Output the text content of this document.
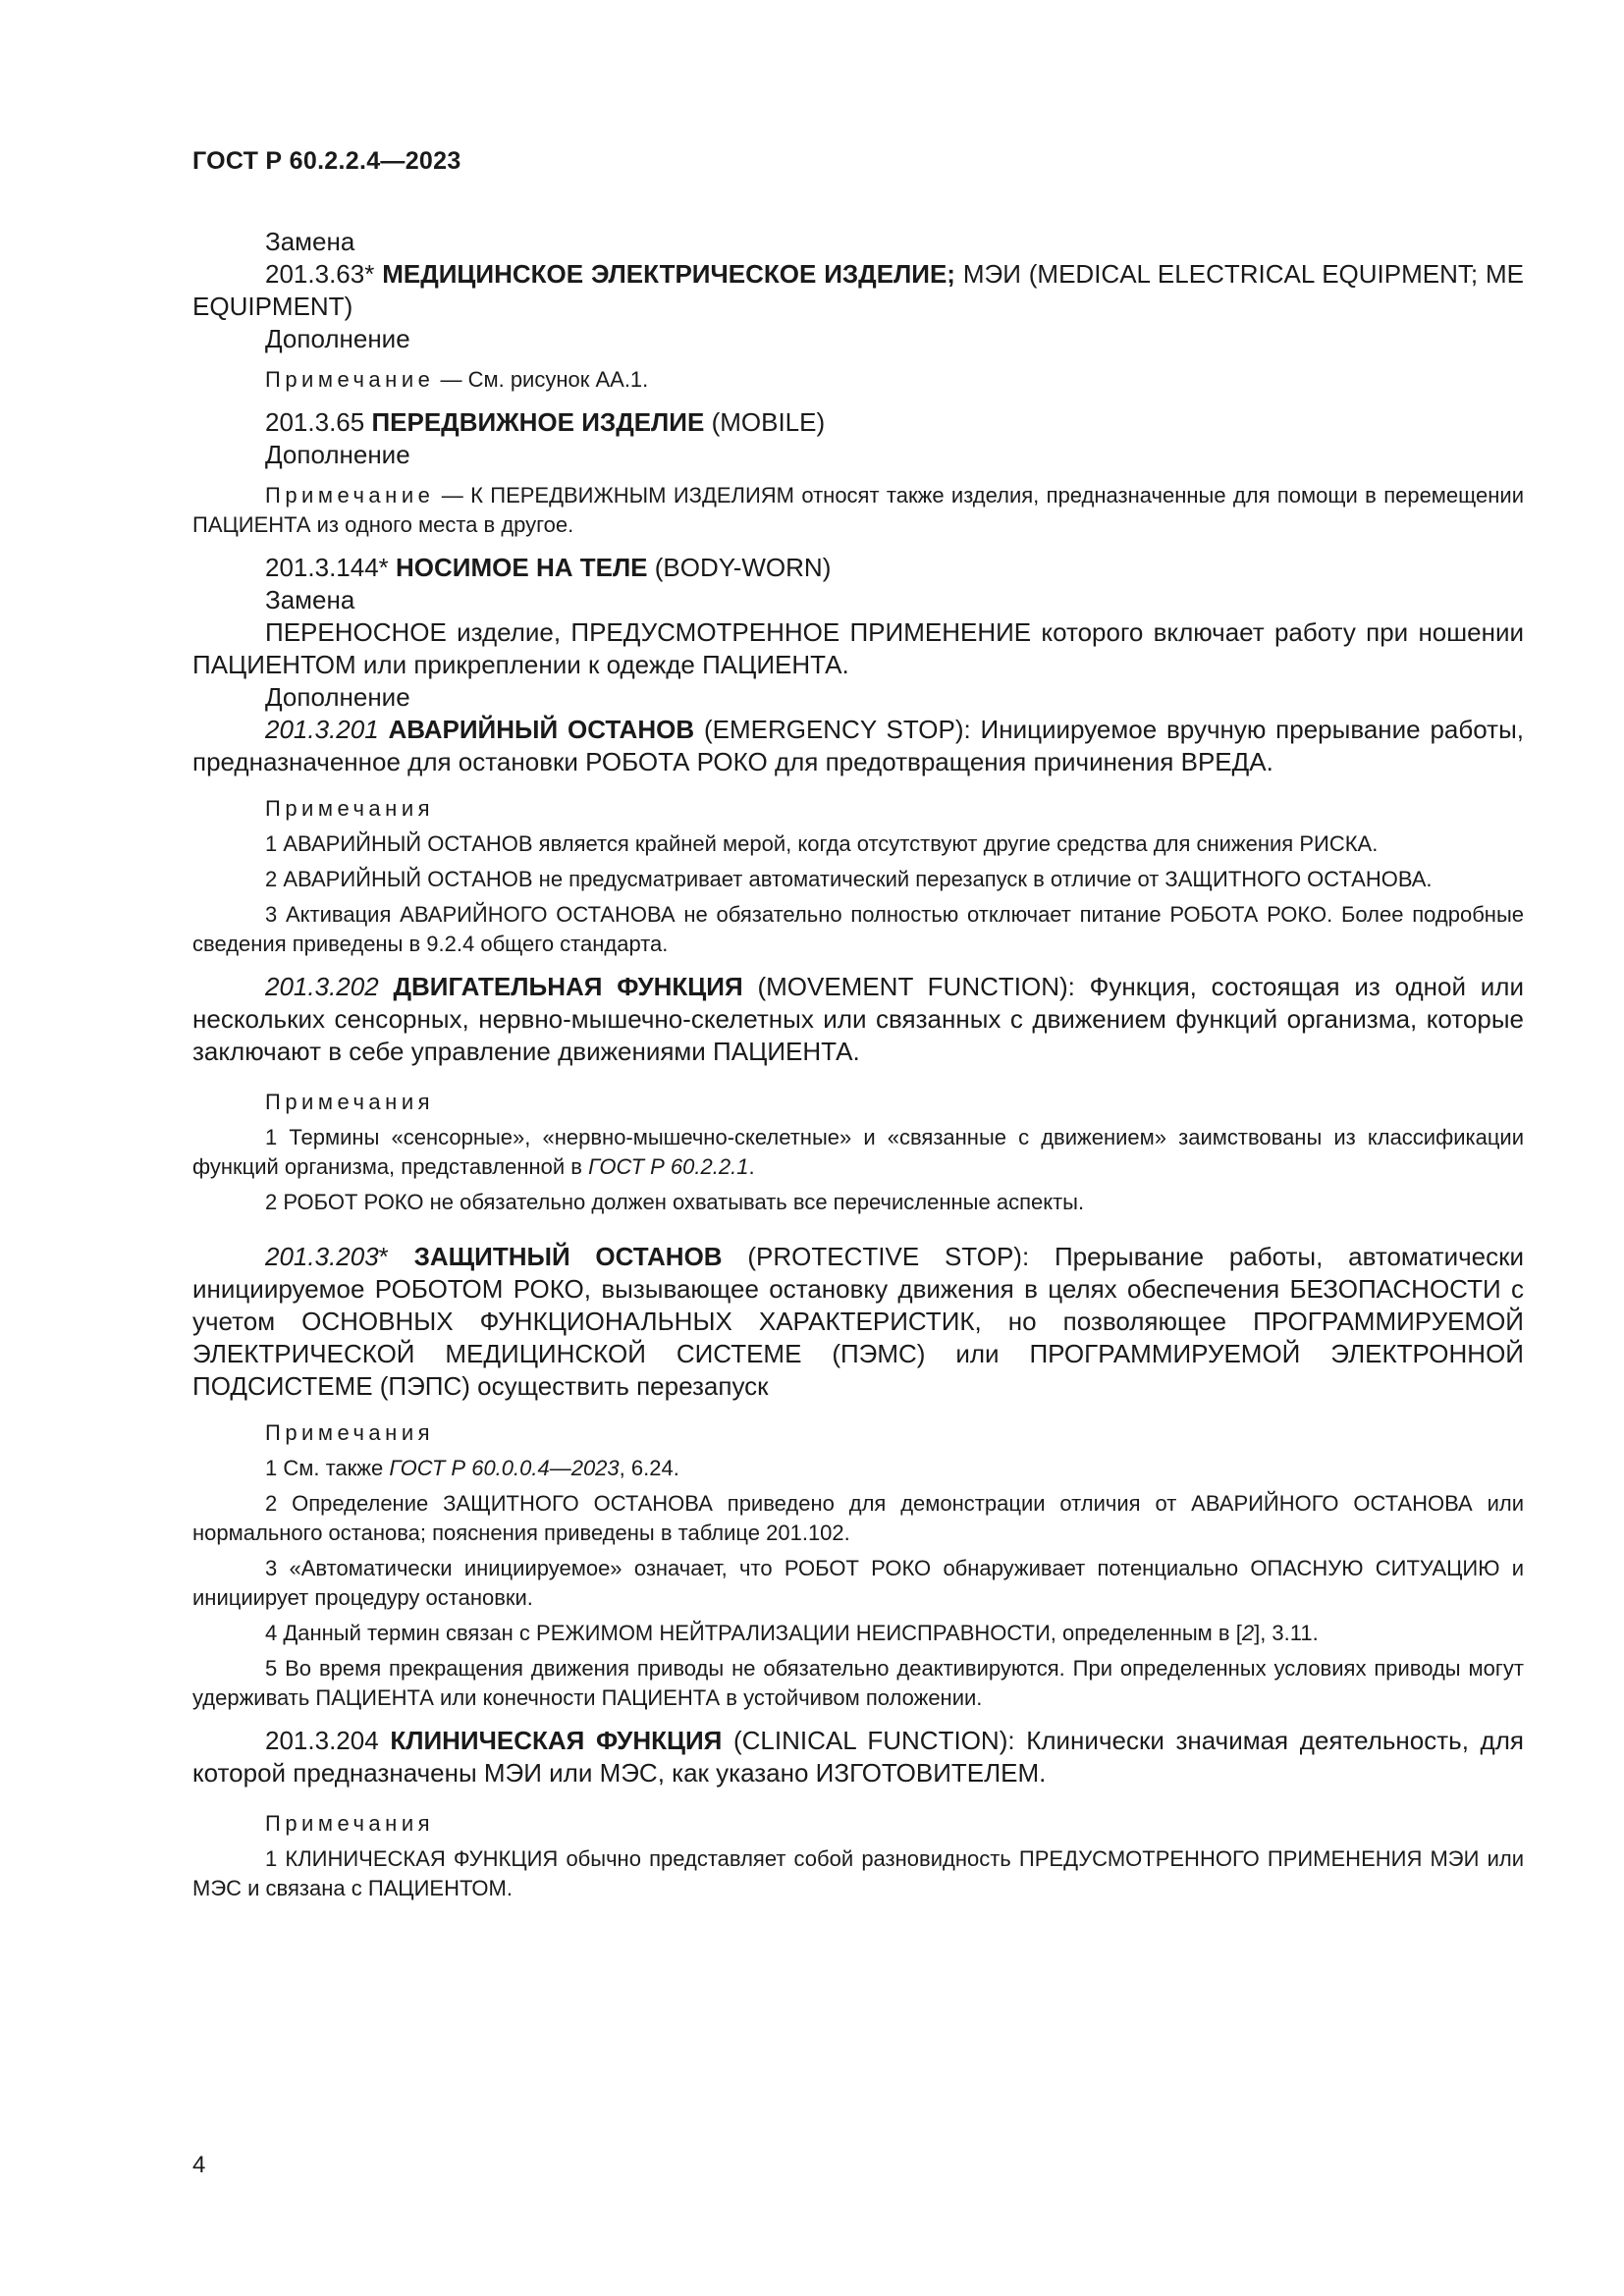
ГОСТ Р 60.2.2.4—2023

Замена

201.3.63* МЕДИЦИНСКОЕ ЭЛЕКТРИЧЕСКОЕ ИЗДЕЛИЕ; МЭИ (MEDICAL ELECTRICAL EQUIPMENT; ME EQUIPMENT)

Дополнение

Примечание — См. рисунок АА.1.

201.3.65 ПЕРЕДВИЖНОЕ ИЗДЕЛИЕ (MOBILE)

Дополнение

Примечание — К ПЕРЕДВИЖНЫМ ИЗДЕЛИЯМ относят также изделия, предназначенные для помощи в перемещении ПАЦИЕНТА из одного места в другое.

201.3.144* НОСИМОЕ НА ТЕЛЕ (BODY-WORN)

Замена

ПЕРЕНОСНОЕ изделие, ПРЕДУСМОТРЕННОЕ ПРИМЕНЕНИЕ которого включает работу при ношении ПАЦИЕНТОМ или прикреплении к одежде ПАЦИЕНТА.

Дополнение

201.3.201 АВАРИЙНЫЙ ОСТАНОВ (EMERGENCY STOP): Инициируемое вручную прерывание работы, предназначенное для остановки РОБОТА РОКО для предотвращения причинения ВРЕДА.

Примечания

1 АВАРИЙНЫЙ ОСТАНОВ является крайней мерой, когда отсутствуют другие средства для снижения РИСКА.

2 АВАРИЙНЫЙ ОСТАНОВ не предусматривает автоматический перезапуск в отличие от ЗАЩИТНОГО ОСТАНОВА.

3 Активация АВАРИЙНОГО ОСТАНОВА не обязательно полностью отключает питание РОБОТА РОКО. Более подробные сведения приведены в 9.2.4 общего стандарта.

201.3.202 ДВИГАТЕЛЬНАЯ ФУНКЦИЯ (MOVEMENT FUNCTION): Функция, состоящая из одной или нескольких сенсорных, нервно-мышечно-скелетных или связанных с движением функций организма, которые заключают в себе управление движениями ПАЦИЕНТА.

Примечания

1 Термины «сенсорные», «нервно-мышечно-скелетные» и «связанные с движением» заимствованы из классификации функций организма, представленной в ГОСТ Р 60.2.2.1.

2 РОБОТ РОКО не обязательно должен охватывать все перечисленные аспекты.

201.3.203* ЗАЩИТНЫЙ ОСТАНОВ (PROTECTIVE STOP): Прерывание работы, автоматически инициируемое РОБОТОМ РОКО, вызывающее остановку движения в целях обеспечения БЕЗОПАСНОСТИ с учетом ОСНОВНЫХ ФУНКЦИОНАЛЬНЫХ ХАРАКТЕРИСТИК, но позволяющее ПРОГРАММИРУЕМОЙ ЭЛЕКТРИЧЕСКОЙ МЕДИЦИНСКОЙ СИСТЕМЕ (ПЭМС) или ПРОГРАММИРУЕМОЙ ЭЛЕКТРОННОЙ ПОДСИСТЕМЕ (ПЭПС) осуществить перезапуск

Примечания

1 См. также ГОСТ Р 60.0.0.4—2023, 6.24.

2 Определение ЗАЩИТНОГО ОСТАНОВА приведено для демонстрации отличия от АВАРИЙНОГО ОСТАНОВА или нормального останова; пояснения приведены в таблице 201.102.

3 «Автоматически инициируемое» означает, что РОБОТ РОКО обнаруживает потенциально ОПАСНУЮ СИТУАЦИЮ и инициирует процедуру остановки.

4 Данный термин связан с РЕЖИМОМ НЕЙТРАЛИЗАЦИИ НЕИСПРАВНОСТИ, определенным в [2], 3.11.

5 Во время прекращения движения приводы не обязательно деактивируются. При определенных условиях приводы могут удерживать ПАЦИЕНТА или конечности ПАЦИЕНТА в устойчивом положении.

201.3.204 КЛИНИЧЕСКАЯ ФУНКЦИЯ (CLINICAL FUNCTION): Клинически значимая деятельность, для которой предназначены МЭИ или МЭС, как указано ИЗГОТОВИТЕЛЕМ.

Примечания

1 КЛИНИЧЕСКАЯ ФУНКЦИЯ обычно представляет собой разновидность ПРЕДУСМОТРЕННОГО ПРИМЕНЕНИЯ МЭИ или МЭС и связана с ПАЦИЕНТОМ.

4
